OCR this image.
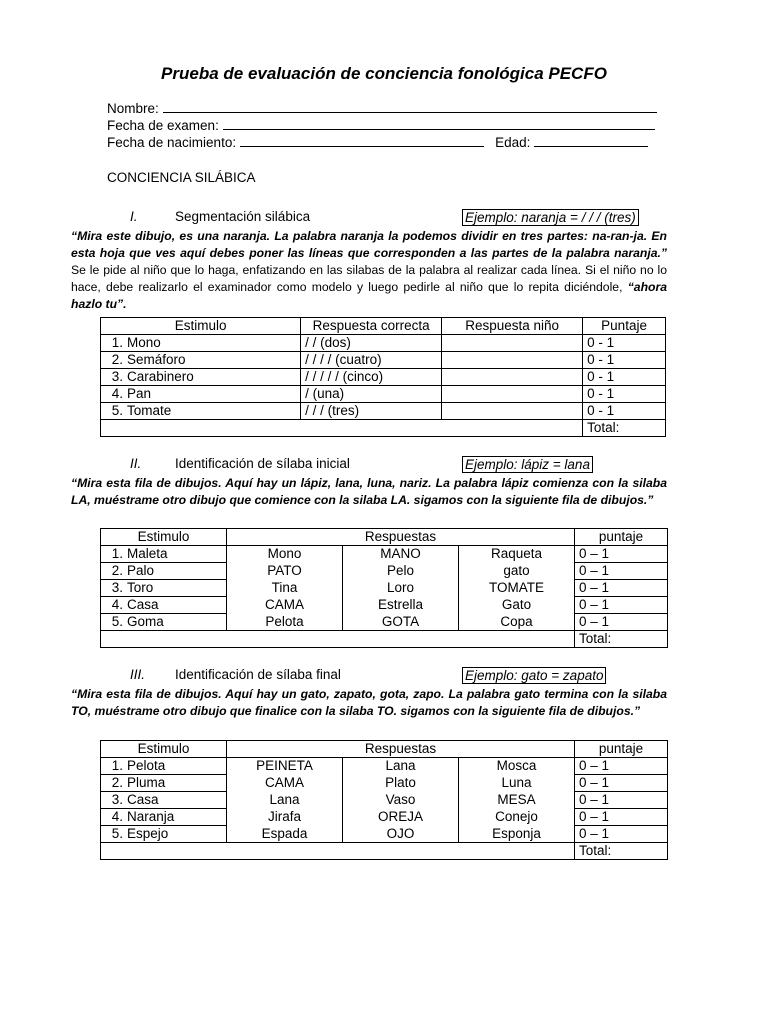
Prueba de evaluación de conciencia fonológica PECFO
Nombre:
Fecha de examen:
Fecha de nacimiento:	Edad:
CONCIENCIA SILÁBICA
I.	Segmentación silábica	Ejemplo: naranja = / / / (tres)
“Mira este dibujo, es una naranja. La palabra naranja la podemos dividir en tres partes: na-ran-ja. En esta hoja que ves aquí debes poner las líneas que corresponden a las partes de la palabra naranja.” Se le pide al niño que lo haga, enfatizando en las silabas de la palabra al realizar cada línea. Si el niño no lo hace, debe realizarlo el examinador como modelo y luego pedirle al niño que lo repita diciéndole, “ahora hazlo tu”.
Estimulo		Respuesta correcta	Respuesta niño	Puntaje
1.	Mono	/ / (dos)		0 - 1
2.	Semáforo	/ / / / (cuatro)		0 - 1
3.	Carabinero	/ / / / / (cinco)		0 - 1
4.	Pan	/ (una)		0 - 1
5.	Tomate	/ / / (tres)		0 - 1
				Total:
II. Identificación de sílaba inicial	Ejemplo: lápiz = lana
“Mira esta fila de dibujos. Aquí hay un lápiz, lana, luna, nariz. La palabra lápiz comienza con la silaba LA, muéstrame otro dibujo que comience con la silaba LA. sigamos con la siguiente fila de dibujos.”
Estimulo		Respuestas			puntaje
1.	Maleta	Mono	MANO	Raqueta	0 – 1
2.	Palo	PATO	Pelo	gato	0 – 1
3.	Toro	Tina	Loro	TOMATE	0 – 1
4.	Casa	CAMA	Estrella	Gato	0 – 1
5.	Goma	Pelota	GOTA	Copa	0 – 1
					Total:
III. Identificación de sílaba final	Ejemplo: gato = zapato
“Mira esta fila de dibujos. Aquí hay un gato, zapato, gota, zapo. La palabra gato termina con la silaba TO, muéstrame otro dibujo que finalice con la silaba TO. sigamos con la siguiente fila de dibujos.”
Estimulo		Respuestas			puntaje
1.	Pelota	PEINETA	Lana	Mosca	0 – 1
2.	Pluma	CAMA	Plato	Luna	0 – 1
3.	Casa	Lana	Vaso	MESA	0 – 1
4.	Naranja	Jirafa	OREJA	Conejo	0 – 1
5.	Espejo	Espada	OJO	Esponja	0 – 1
					Total:
